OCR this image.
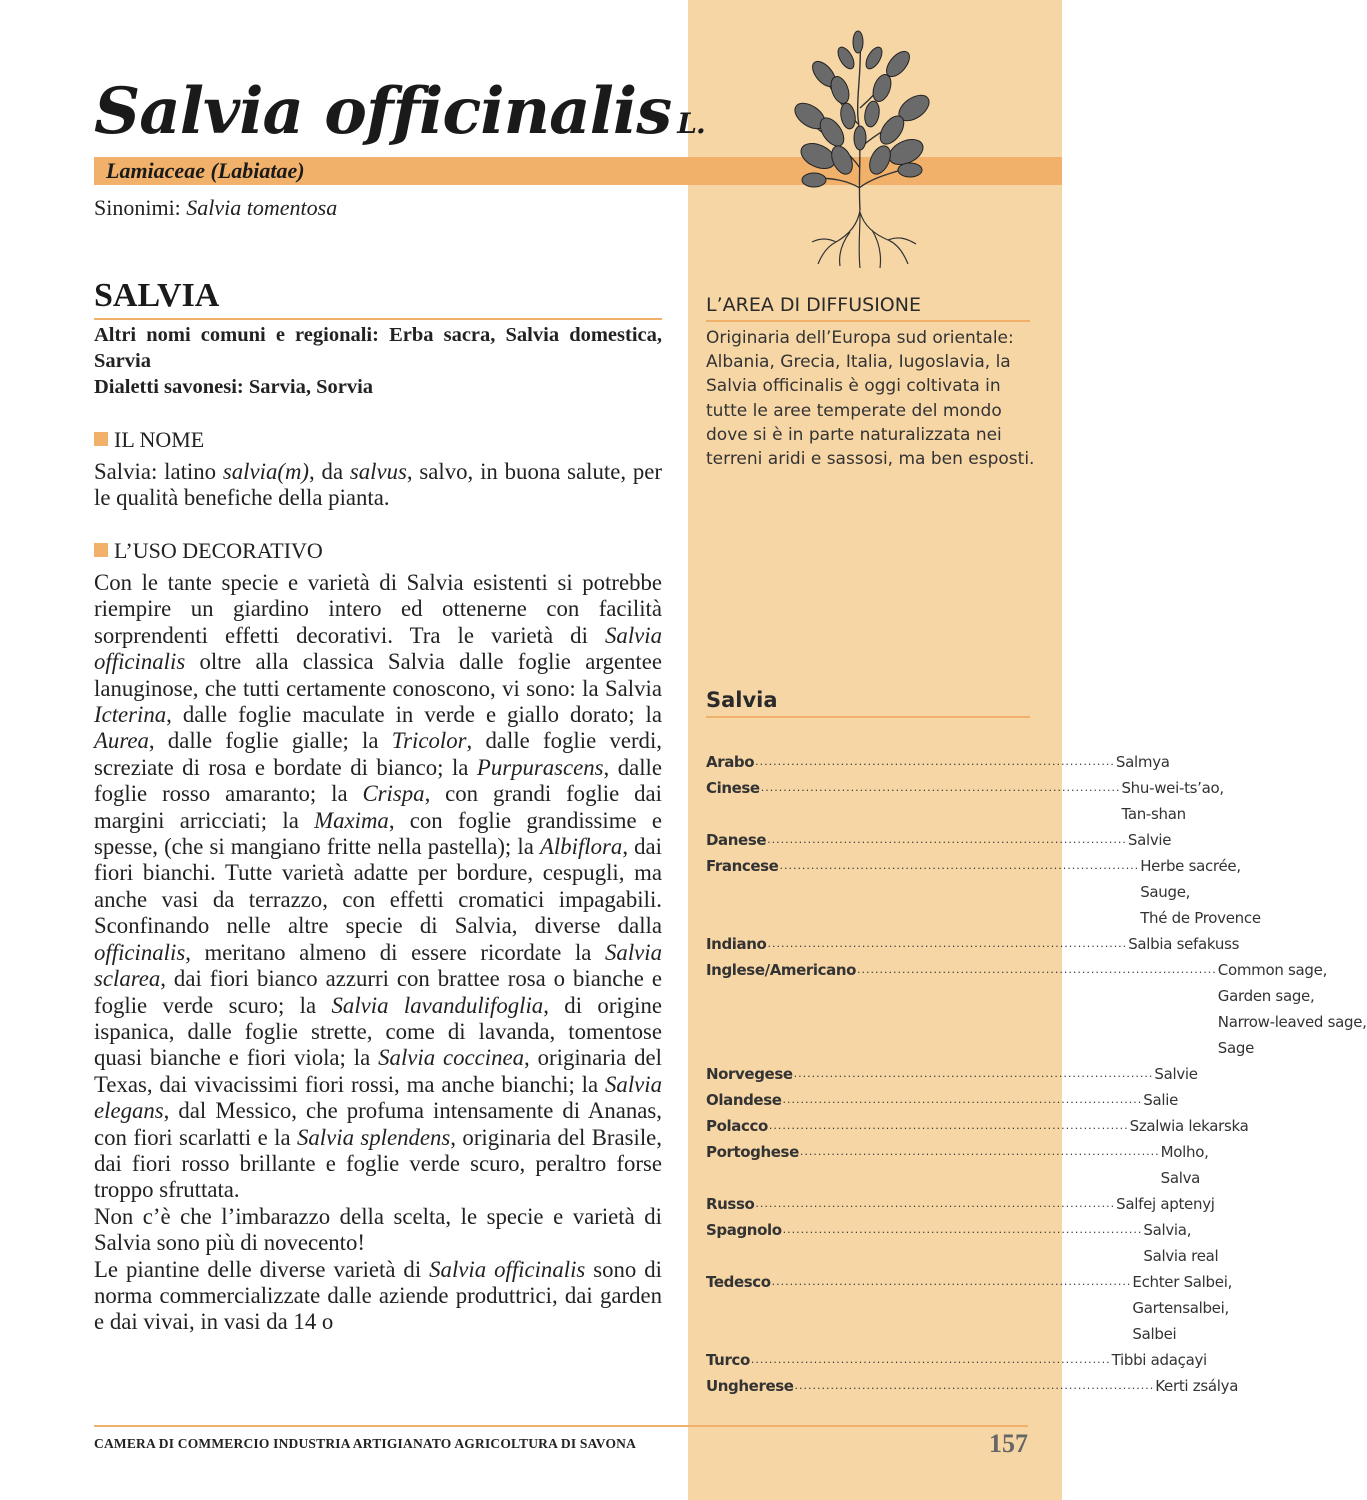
Salvia officinalis L.
Lamiaceae (Labiatae)
Sinonimi: Salvia tomentosa
SALVIA
Altri nomi comuni e regionali: Erba sacra, Salvia domestica, Sarvia
Dialetti savonesi: Sarvia, Sorvia
IL NOME

Salvia: latino salvia(m), da salvus, salvo, in buona salute, per le qualità benefiche della pianta.

L’USO DECORATIVO

Con le tante specie e varietà di Salvia esistenti si potrebbe riempire un giardino intero ed ottenerne con facilità sorprendenti effetti decorativi. Tra le varietà di Salvia officinalis oltre alla classica Salvia dalle foglie argentee lanuginose, che tutti certamente conoscono, vi sono: la Salvia Icterina, dalle foglie maculate in verde e giallo dorato; la Aurea, dalle foglie gialle; la Tricolor, dalle foglie verdi, screziate di rosa e bordate di bianco; la Purpurascens, dalle foglie rosso amaranto; la Crispa, con grandi foglie dai margini arricciati; la Maxima, con foglie grandissime e spesse, (che si mangiano fritte nella pastella); la Albiflora, dai fiori bianchi. Tutte varietà adatte per bordure, cespugli, ma anche vasi da terrazzo, con effetti cromatici impagabili. Sconfinando nelle altre specie di Salvia, diverse dalla officinalis, meritano almeno di essere ricordate la Salvia sclarea, dai fiori bianco azzurri con brattee rosa o bianche e foglie verde scuro; la Salvia lavandulifoglia, di origine ispanica, dalle foglie strette, come di lavanda, tomentose quasi bianche e fiori viola; la Salvia coccinea, originaria del Texas, dai vivacissimi fiori rossi, ma anche bianchi; la Salvia elegans, dal Messico, che profuma intensamente di Ananas, con fiori scarlatti e la Salvia splendens, originaria del Brasile, dai fiori rosso brillante e foglie verde scuro, peraltro forse troppo sfruttata.

Non c’è che l’imbarazzo della scelta, le specie e varietà di Salvia sono più di novecento!

Le piantine delle diverse varietà di Salvia officinalis sono di norma commercializzate dalle aziende produttrici, dai garden e dai vivai, in vasi da 14 o

L’AREA DI DIFFUSIONE

Originaria dell’Europa sud orientale: Albania, Grecia, Italia, Iugoslavia, la Salvia officinalis è oggi coltivata in tutte le aree temperate del mondo dove si è in parte naturalizzata nei terreni aridi e sassosi, ma ben esposti.

Salvia
Arabo ................................................................................ Salmya
Cinese ................................................................................ Shu-wei-ts’ao,
Tan-shan
Danese ................................................................................ Salvie
Francese ................................................................................ Herbe sacrée,
Sauge,
Thé de Provence
Indiano ................................................................................ Salbia sefakuss
Inglese/Americano ................................................................................ Common sage,
Garden sage,
Narrow-leaved sage,
Sage
Norvegese ................................................................................ Salvie
Olandese ................................................................................ Salie
Polacco ................................................................................ Szalwia lekarska
Portoghese ................................................................................ Molho,
Salva
Russo ................................................................................ Salfej aptenyj
Spagnolo ................................................................................ Salvia,
Salvia real
Tedesco ................................................................................ Echter Salbei,
Gartensalbei,
Salbei
Turco ................................................................................ Tibbi adaçayi
Ungherese ................................................................................ Kerti zsálya
CAMERA DI COMMERCIO INDUSTRIA ARTIGIANATO AGRICOLTURA DI SAVONA	157
